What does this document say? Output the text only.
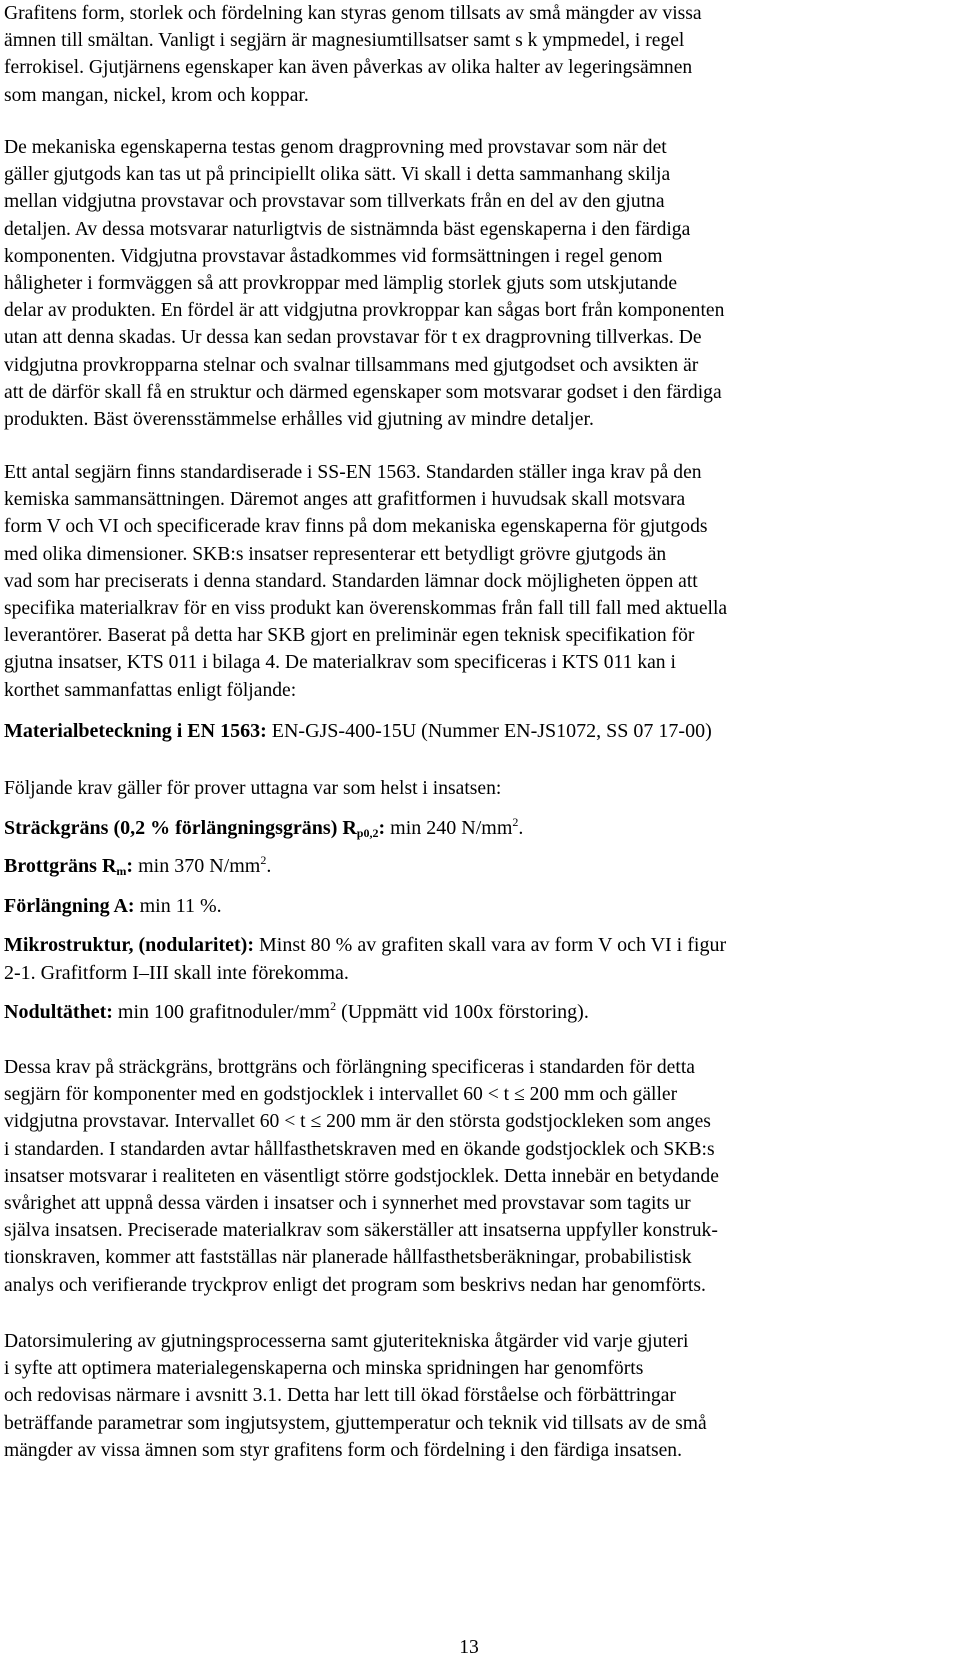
Grafitens form, storlek och fördelning kan styras genom tillsats av små mängder av vissa
ämnen till smältan. Vanligt i segjärn är magnesiumtillsatser samt s k ympmedel, i regel
ferrokisel. Gjutjärnens egenskaper kan även påverkas av olika halter av legeringsämnen
som mangan, nickel, krom och koppar.

De mekaniska egenskaperna testas genom dragprovning med provstavar som när det
gäller gjutgods kan tas ut på principiellt olika sätt. Vi skall i detta sammanhang skilja
mellan vidgjutna provstavar och provstavar som tillverkats från en del av den gjutna
detaljen. Av dessa motsvarar naturligtvis de sistnämnda bäst egenskaperna i den färdiga
komponenten. Vidgjutna provstavar åstadkommes vid formsättningen i regel genom
håligheter i formväggen så att provkroppar med lämplig storlek gjuts som utskjutande
delar av produkten. En fördel är att vidgjutna provkroppar kan sågas bort från komponenten
utan att denna skadas. Ur dessa kan sedan provstavar för t ex dragprovning tillverkas. De
vidgjutna provkropparna stelnar och svalnar tillsammans med gjutgodset och avsikten är
att de därför skall få en struktur och därmed egenskaper som motsvarar godset i den färdiga
produkten. Bäst överensstämmelse erhålles vid gjutning av mindre detaljer.

Ett antal segjärn finns standardiserade i SS-EN 1563. Standarden ställer inga krav på den
kemiska sammansättningen. Däremot anges att grafitformen i huvudsak skall motsvara
form V och VI och specificerade krav finns på dom mekaniska egenskaperna för gjutgods
med olika dimensioner. SKB:s insatser representerar ett betydligt grövre gjutgods än
vad som har preciserats i denna standard. Standarden lämnar dock möjligheten öppen att
specifika materialkrav för en viss produkt kan överenskommas från fall till fall med aktuella
leverantörer. Baserat på detta har SKB gjort en preliminär egen teknisk specifikation för
gjutna insatser, KTS 011 i bilaga 4. De materialkrav som specificeras i KTS 011 kan i
korthet sammanfattas enligt följande:

Materialbeteckning i EN 1563: EN-GJS-400-15U (Nummer EN-JS1072, SS 07 17-00)

Följande krav gäller för prover uttagna var som helst i insatsen:

Sträckgräns (0,2 % förlängningsgräns) $R_{p0,2}$: min 240 $N/mm^2$.

Brottgräns $R_m$: min 370 $N/mm^2$.

Förlängning A: min 11 %.

Mikrostruktur, (nodularitet): Minst 80 % av grafiten skall vara av form V och VI i figur
2-1. Grafitform I–III skall inte förekomma.

Nodultäthet: min 100 grafitnoduler/$mm^2$ (Uppmätt vid 100x förstoring).

Dessa krav på sträckgräns, brottgräns och förlängning specificeras i standarden för detta
segjärn för komponenter med en godstjocklek i intervallet 60 < t ≤ 200 mm och gäller
vidgjutna provstavar. Intervallet 60 < t ≤ 200 mm är den största godstjockleken som anges
i standarden. I standarden avtar hållfasthetskraven med en ökande godstjocklek och SKB:s
insatser motsvarar i realiteten en väsentligt större godstjocklek. Detta innebär en betydande
svårighet att uppnå dessa värden i insatser och i synnerhet med provstavar som tagits ur
själva insatsen. Preciserade materialkrav som säkerställer att insatserna uppfyller konstruk-
tionskraven, kommer att fastställas när planerade hållfasthetsberäkningar, probabilistisk
analys och verifierande tryckprov enligt det program som beskrivs nedan har genomförts.

Datorsimulering av gjutningsprocesserna samt gjuteritekniska åtgärder vid varje gjuteri
i syfte att optimera materialegenskaperna och minska spridningen har genomförts
och redovisas närmare i avsnitt 3.1. Detta har lett till ökad förståelse och förbättringar
beträffande parametrar som ingjutsystem, gjuttemperatur och teknik vid tillsats av de små
mängder av vissa ämnen som styr grafitens form och fördelning i den färdiga insatsen.

13
